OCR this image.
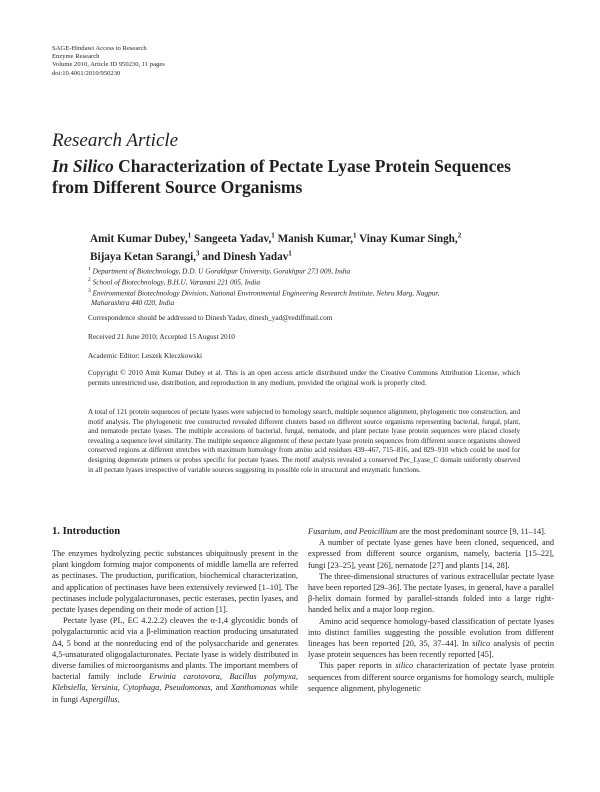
SAGE-Hindawi Access to Research
Enzyme Research
Volume 2010, Article ID 950230, 11 pages
doi:10.4061/2010/950230
Research Article
In Silico Characterization of Pectate Lyase Protein Sequences
from Different Source Organisms
Amit Kumar Dubey,$^1$ Sangeeta Yadav,$^1$ Manish Kumar,$^1$ Vinay Kumar Singh,$^2$
Bijaya Ketan Sarangi,$^3$ and Dinesh Yadav$^1$
$^1$ Department of Biotechnology, D.D. U Gorakhpur University, Gorakhpur 273 009, India
$^2$ School of Biotechnology, B.H.U, Varanasi 221 005, India
$^3$ Environmental Biotechnology Division, National Environmental Engineering Research Institute, Nehru Marg, Nagpur,
Maharashtra 440 020, India
Correspondence should be addressed to Dinesh Yadav, dinesh_yad@rediffmail.com
Received 21 June 2010; Accepted 15 August 2010
Academic Editor: Leszek Kleczkowski
Copyright © 2010 Amit Kumar Dubey et al. This is an open access article distributed under the Creative Commons Attribution License, which permits unrestricted use, distribution, and reproduction in any medium, provided the original work is properly cited.
A total of 121 protein sequences of pectate lyases were subjected to homology search, multiple sequence alignment, phylogenetic tree construction, and motif analysis. The phylogenetic tree constructed revealed different clusters based on different source organisms representing bacterial, fungal, plant, and nematode pectate lyases. The multiple accessions of bacterial, fungal, nematode, and plant pectate lyase protein sequences were placed closely revealing a sequence level similarity. The multiple sequence alignment of these pectate lyase protein sequences from different source organisms showed conserved regions at different stretches with maximum homology from amino acid residues 439–467, 715–816, and 829–910 which could be used for designing degenerate primers or probes specific for pectate lyases. The motif analysis revealed a conserved Pec_Lyase_C domain uniformly observed in all pectate lyases irrespective of variable sources suggesting its possible role in structural and enzymatic functions.
1. Introduction

The enzymes hydrolyzing pectic substances ubiquitously present in the plant kingdom forming major components of middle lamella are referred as pectinases. The production, purification, biochemical characterization, and application of pectinases have been extensively reviewed [1–10]. The pectinases include polygalacturonases, pectic esterases, pectin lyases, and pectate lyases depending on their mode of action [1].

Pectate lyase (PL, EC 4.2.2.2) cleaves the α-1,4 glycosidic bonds of polygalacturonic acid via a β-elimination reaction producing unsaturated Δ4, 5 bond at the nonreducing end of the polysaccharide and generates 4,5-unsaturated oligogalacturonates. Pectate lyase is widely distributed in diverse families of microorganisms and plants. The important members of bacterial family include Erwinia carotovora, Bacillus polymyxa, Klebsiella, Yersinia, Cytophaga, Pseudomonas, and Xanthomonas while in fungi Aspergillus,

Fusarium, and Penicillium are the most predominant source [9, 11–14].

A number of pectate lyase genes have been cloned, sequenced, and expressed from different source organism, namely, bacteria [15–22], fungi [23–25], yeast [26], nematode [27] and plants [14, 28].

The three-dimensional structures of various extracellular pectate lyase have been reported [29–36]. The pectate lyases, in general, have a parallel β-helix domain formed by parallel-strands folded into a large right-handed helix and a major loop region.

Amino acid sequence homology-based classification of pectate lyases into distinct families suggesting the possible evolution from different lineages has been reported [20, 35, 37–44]. In silico analysis of pectin lyase protein sequences has been recently reported [45].

This paper reports in silico characterization of pectate lyase protein sequences from different source organisms for homology search, multiple sequence alignment, phylogenetic
